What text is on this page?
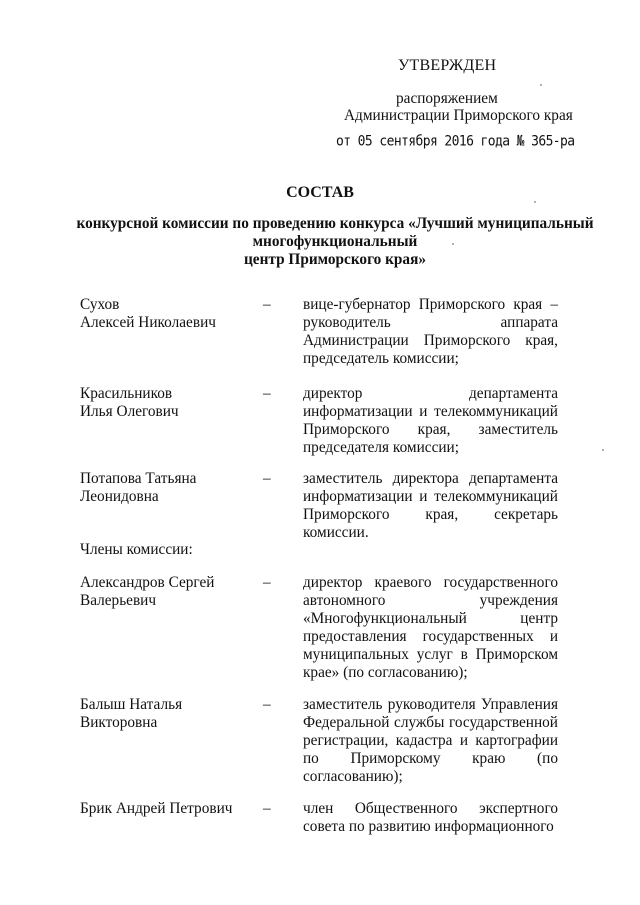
УТВЕРЖДЕН
распоряжением
Администрации Приморского края
от 05 сентября 2016 года № 365-ра
СОСТАВ
конкурсной комиссии по проведению конкурса «Лучший муниципальный
многофункциональный
центр Приморского края»
Сухов
Алексей Николаевич
– вице-губернатор Приморского края – руководитель аппарата Администрации Приморского края, председатель комиссии;
Красильников
Илья Олегович
– директор департамента информатизации и телекоммуникаций Приморского края, заместитель председателя комиссии;
Потапова Татьяна
Леонидовна
– заместитель директора департамента информатизации и телекоммуникаций Приморского края, секретарь комиссии.
Члены комиссии:
Александров Сергей
Валерьевич
– директор краевого государственного автономного учреждения «Многофункциональный центр предоставления государственных и муниципальных услуг в Приморском крае» (по согласованию);
Балыш Наталья
Викторовна
– заместитель руководителя Управления Федеральной службы государственной регистрации, кадастра и картографии по Приморскому краю (по согласованию);
Брик Андрей Петрович	– член Общественного экспертного совета по развитию информационного
